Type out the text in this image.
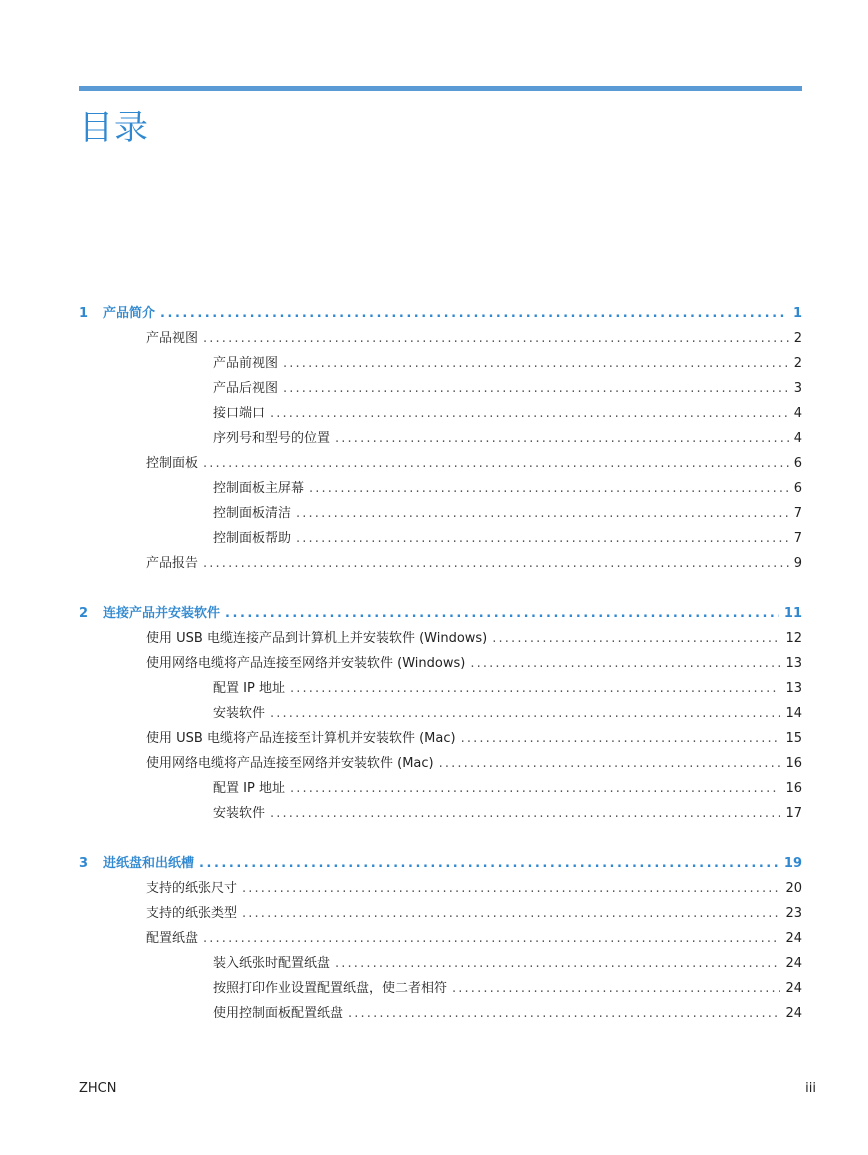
目录
1 产品简介 . . .	1
产品视图 . . .	2
产品前视图 . . .	2
产品后视图 . . .	3
接口端口 . . .	4
序列号和型号的位置 . . .	4
控制面板 . . .	6
控制面板主屏幕 . . .	6
控制面板清洁 . . .	7
控制面板帮助 . . .	7
产品报告 . . .	9
2 连接产品并安装软件 . . .	11
使用 USB 电缆连接产品到计算机上并安装软件 (Windows) . . .	12
使用网络电缆将产品连接至网络并安装软件 (Windows) . . .	13
配置 IP 地址 . . .	13
安装软件 . . .	14
使用 USB 电缆将产品连接至计算机并安装软件 (Mac) . . .	15
使用网络电缆将产品连接至网络并安装软件 (Mac) . . .	16
配置 IP 地址 . . .	16
安装软件 . . .	17
3 进纸盘和出纸槽 . . .	19
支持的纸张尺寸 . . .	20
支持的纸张类型 . . .	23
配置纸盘 . . .	24
装入纸张时配置纸盘 . . .	24
按照打印作业设置配置纸盘，使二者相符 . . .	24
使用控制面板配置纸盘 . . .	24
ZHCN	iii
